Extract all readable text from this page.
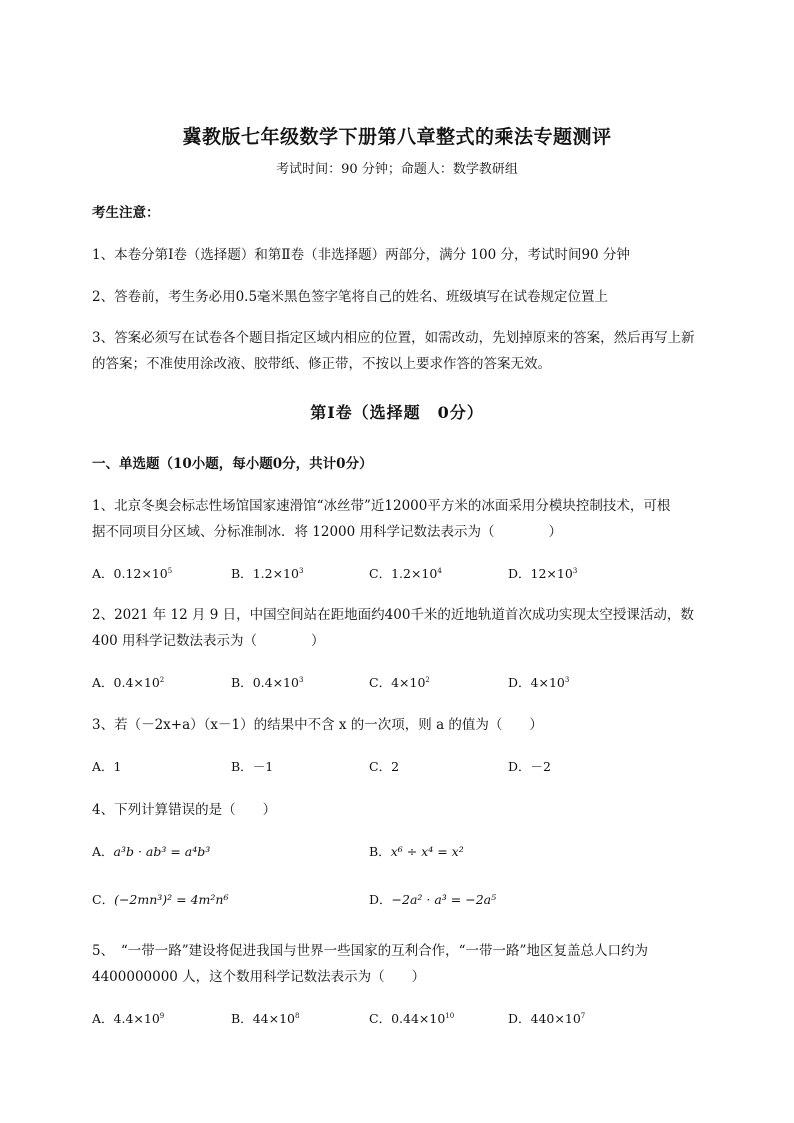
冀教版七年级数学下册第八章整式的乘法专题测评
考试时间：90 分钟；命题人：数学教研组
考生注意：
1、本卷分第Ⅰ卷（选择题）和第Ⅱ卷（非选择题）两部分，满分 100 分，考试时间90 分钟
2、答卷前，考生务必用0.5毫米黑色签字笔将自己的姓名、班级填写在试卷规定位置上
3、答案必须写在试卷各个题目指定区域内相应的位置，如需改动，先划掉原来的答案，然后再写上新
的答案；不准使用涂改液、胶带纸、修正带，不按以上要求作答的答案无效。
第Ⅰ卷（选择题　0分）
一、单选题（10小题，每小题0分，共计0分）
1、北京冬奥会标志性场馆国家速滑馆“冰丝带”近12000平方米的冰面采用分模块控制技术，可根
据不同项目分区域、分标准制冰．将 12000 用科学记数法表示为（　　　　）
A．$0.12\times 10^5$	B．$1.2\times 10^3$	C．$1.2\times 10^4$	D．$12\times 10^3$
2、2021 年 12 月 9 日，中国空间站在距地面约400千米的近地轨道首次成功实现太空授课活动，数
400 用科学记数法表示为（　　　　）
A．$0.4\times 10^2$	B．$0.4\times 10^3$	C．$4\times 10^2$	D．$4\times 10^3$
3、若（－2x+a）（x－1）的结果中不含 x 的一次项，则 a 的值为（　　）
A．1	B．－1	C．2	D．－2
4、下列计算错误的是（　　）
A．a³b · ab³ = a⁴b³	B．x⁶ ÷ x⁴ = x²
C．(−2mn³)² = 4m²n⁶	D．−2a² · a³ = −2a⁵
5、　“一带一路”建设将促进我国与世界一些国家的互利合作，“一带一路”地区复盖总人口约为
4400000000 人，这个数用科学记数法表示为（　　）
A．$4.4\times 10^9$	B．$44\times 10^8$	C．$0.44\times 10^{10}$	D．$440\times 10^7$
